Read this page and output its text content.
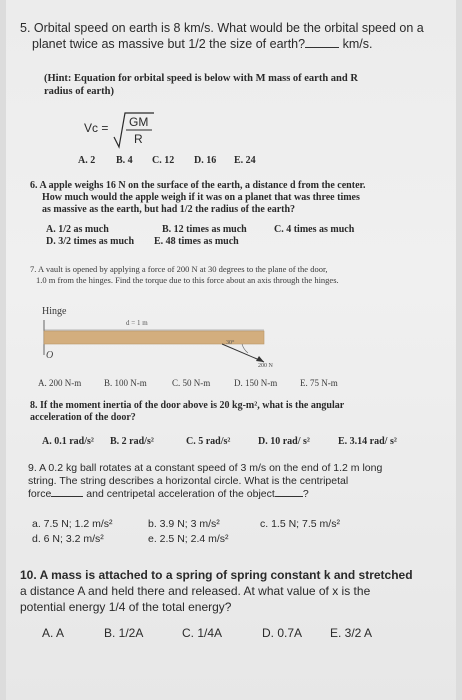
5. Orbital speed on earth is 8 km/s. What would be the orbital speed on a

planet twice as massive but 1/2 the size of earth?	km/s.

(Hint: Equation for orbital speed is below with M mass of earth and R

radius of earth)

Vc = GM
R
A. 2 B. 4 C. 12 D. 16 E. 24

6. A apple weighs 16 N on the surface of the earth, a distance d from the center.

How much would the apple weigh if it was on a planet that was three times

as massive as the earth, but had 1/2 the radius of the earth?

A. 1/2 as much	B. 12 times as much	C. 4 times as much
D. 3/2 times as much E. 48 times as much

7. A vault is opened by applying a force of 200 N at 30 degrees to the plane of the door,

1.0 m from the hinges. Find the torque due to this force about an axis through the hinges.

Hinge
d = 1 m
O
30°
200 N
A. 200 N-m	B. 100 N-m	C. 50 N-m	D. 150 N-m	E. 75 N-m

8. If the moment inertia of the door above is 20 kg-m², what is the angular

acceleration of the door?

A. 0.1 rad/s² B. 2 rad/s²	C. 5 rad/s²	D. 10 rad/ s²	E. 3.14 rad/ s²

9. A 0.2 kg ball rotates at a constant speed of 3 m/s on the end of 1.2 m long

string. The string describes a horizontal circle. What is the centripetal

force	and centripetal acceleration of the object	?

a. 7.5 N; 1.2 m/s²	b. 3.9 N; 3 m/s²	c. 1.5 N; 7.5 m/s²
d. 6 N; 3.2 m/s²	e. 2.5 N; 2.4 m/s²

10. A mass is attached to a spring of spring constant k and stretched

a distance A and held there and released. At what value of x is the

potential energy 1/4 of the total energy?

A. A	B. 1/2A	C. 1/4A	D. 0.7A E. 3/2 A
